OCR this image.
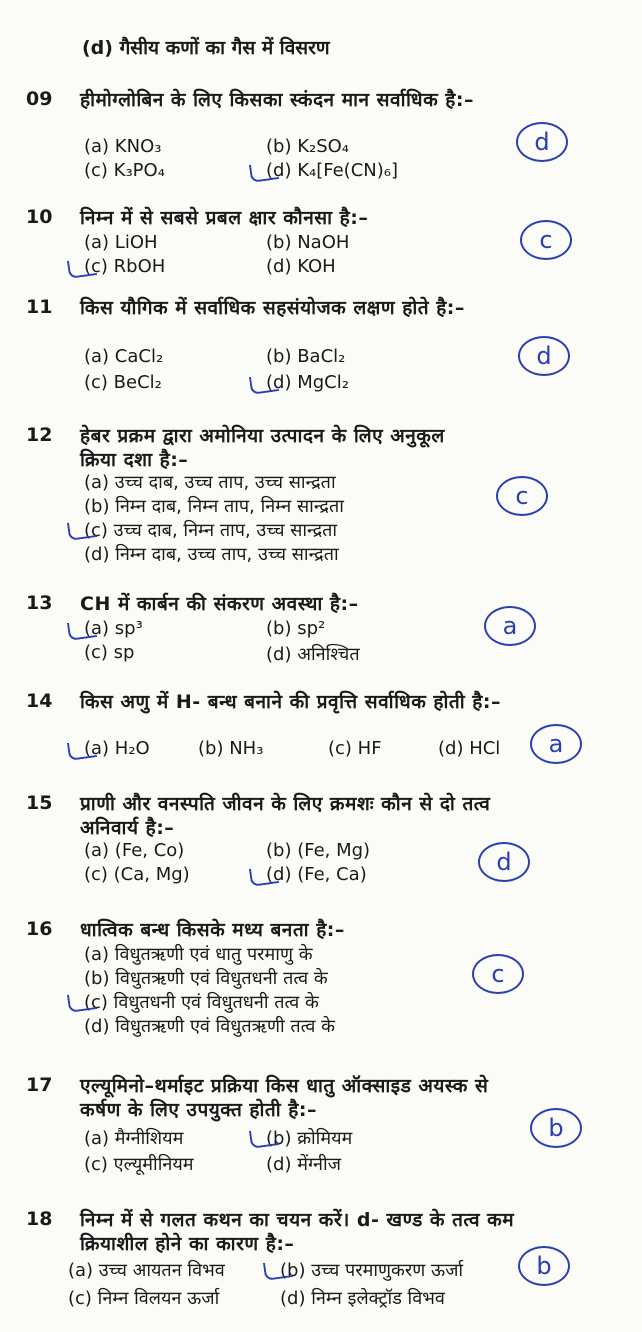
(d) गैसीय कणों का गैस में विसरण
09 हीमोग्लोबिन के लिए किसका स्कंदन मान सर्वाधिक है:–
(a) KNO₃	(b) K₂SO₄
(c) K₃PO₄	(d) K₄[Fe(CN)₆]
d
10 निम्न में से सबसे प्रबल क्षार कौनसा है:–
(a) LiOH	(b) NaOH
(c) RbOH	(d) KOH
c
11 किस यौगिक में सर्वाधिक सहसंयोजक लक्षण होते है:–
(a) CaCl₂	(b) BaCl₂
(c) BeCl₂	(d) MgCl₂
d
12 हेबर प्रक्रम द्वारा अमोनिया उत्पादन के लिए अनुकूल क्रिया दशा है:–
(a) उच्च दाब, उच्च ताप, उच्च सान्द्रता
(b) निम्न दाब, निम्न ताप, निम्न सान्द्रता
(c) उच्च दाब, निम्न ताप, उच्च सान्द्रता
(d) निम्न दाब, उच्च ताप, उच्च सान्द्रता
c
13 CH में कार्बन की संकरण अवस्था है:–
(a) sp³	(b) sp²
(c) sp	(d) अनिश्चित
a
14 किस अणु में H- बन्ध बनाने की प्रवृत्ति सर्वाधिक होती है:–
(a) H₂O	(b) NH₃	(c) HF	(d) HCl	a
15 प्राणी और वनस्पति जीवन के लिए क्रमशः कौन से दो तत्व अनिवार्य है:–
(a) (Fe, Co)	(b) (Fe, Mg)
(c) (Ca, Mg)	(d) (Fe, Ca)	d
16 धात्विक बन्ध किसके मध्य बनता है:–
(a) विधुतऋणी एवं धातु परमाणु के
(b) विधुतऋणी एवं विधुतधनी तत्व के
(c) विधुतधनी एवं विधुतधनी तत्व के
(d) विधुतऋणी एवं विधुतऋणी तत्व के
c
17 एल्यूमिनो–थर्माइट प्रक्रिया किस धातु ऑक्साइड अयस्क से कर्षण के लिए उपयुक्त होती है:–
(a) मैग्नीशियम	(b) क्रोमियम
(c) एल्यूमीनियम	(d) मेंग्नीज
b
18 निम्न में से गलत कथन का चयन करें। d- खण्ड के तत्व कम क्रियाशील होने का कारण है:–
(a) उच्च आयतन विभव	(b) उच्च परमाणुकरण ऊर्जा
(c) निम्न विलयन ऊर्जा	(d) निम्न इलेक्ट्रॉड विभव
b
